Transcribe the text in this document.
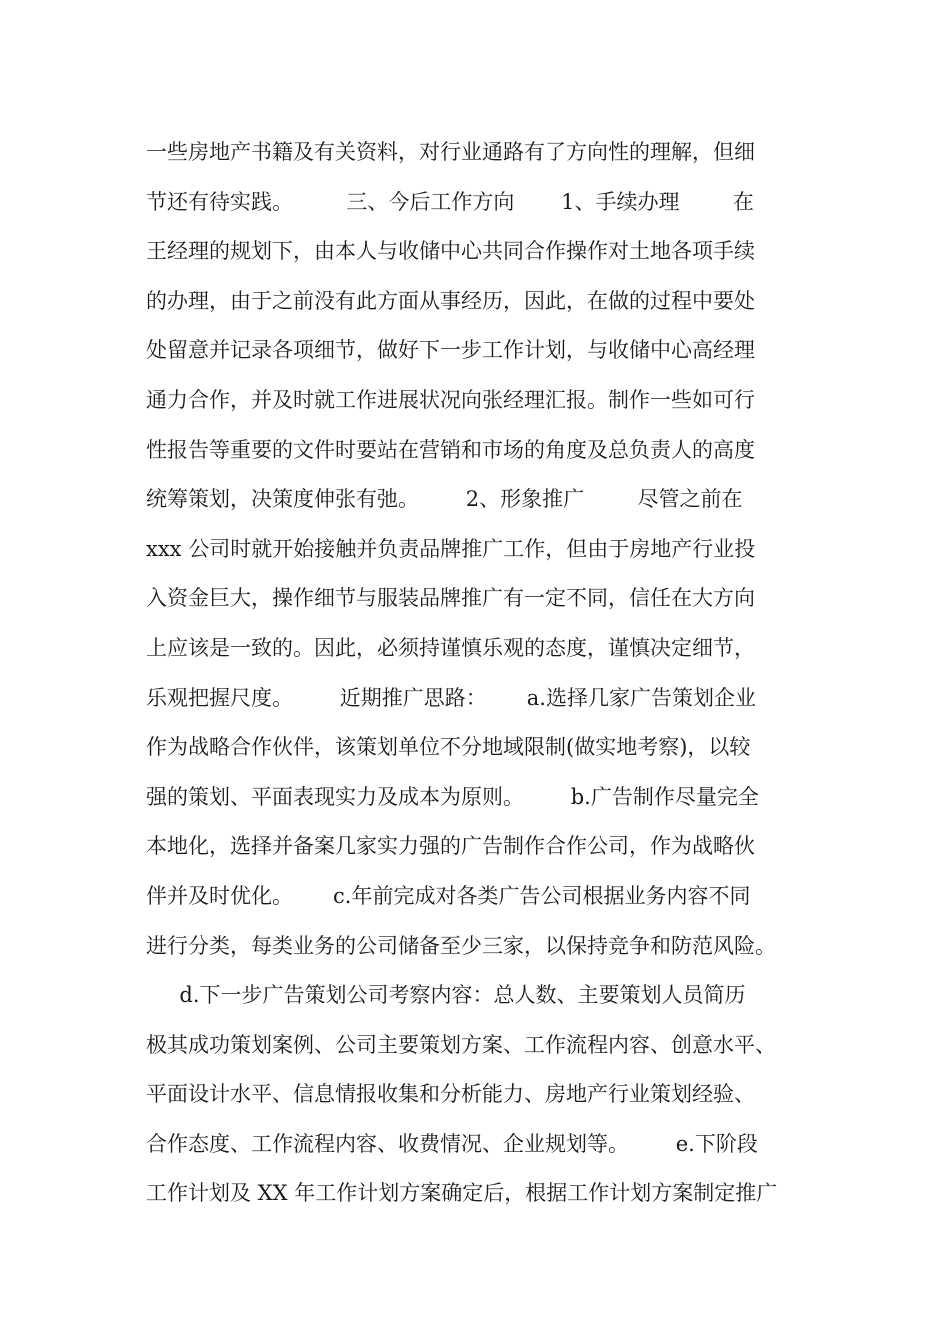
一些房地产书籍及有关资料，对行业通路有了方向性的理解，但细
节还有待实践。        三、今后工作方向       1、手续办理        在
王经理的规划下，由本人与收储中心共同合作操作对土地各项手续
的办理，由于之前没有此方面从事经历，因此，在做的过程中要处
处留意并记录各项细节，做好下一步工作计划，与收储中心高经理
通力合作，并及时就工作进展状况向张经理汇报。制作一些如可行
性报告等重要的文件时要站在营销和市场的角度及总负责人的高度
统筹策划，决策度伸张有弛。       2、形象推广        尽管之前在
xxx 公司时就开始接触并负责品牌推广工作，但由于房地产行业投
入资金巨大，操作细节与服装品牌推广有一定不同，信任在大方向
上应该是一致的。因此，必须持谨慎乐观的态度，谨慎决定细节，
乐观把握尺度。       近期推广思路：      a.选择几家广告策划企业
作为战略合作伙伴，该策划单位不分地域限制(做实地考察)，以较
强的策划、平面表现实力及成本为原则。       b.广告制作尽量完全
本地化，选择并备案几家实力强的广告制作合作公司，作为战略伙
伴并及时优化。      c.年前完成对各类广告公司根据业务内容不同
进行分类，每类业务的公司储备至少三家，以保持竞争和防范风险。
d.下一步广告策划公司考察内容：总人数、主要策划人员简历
极其成功策划案例、公司主要策划方案、工作流程内容、创意水平、
平面设计水平、信息情报收集和分析能力、房地产行业策划经验、
合作态度、工作流程内容、收费情况、企业规划等。       e.下阶段
工作计划及 XX 年工作计划方案确定后，根据工作计划方案制定推广
